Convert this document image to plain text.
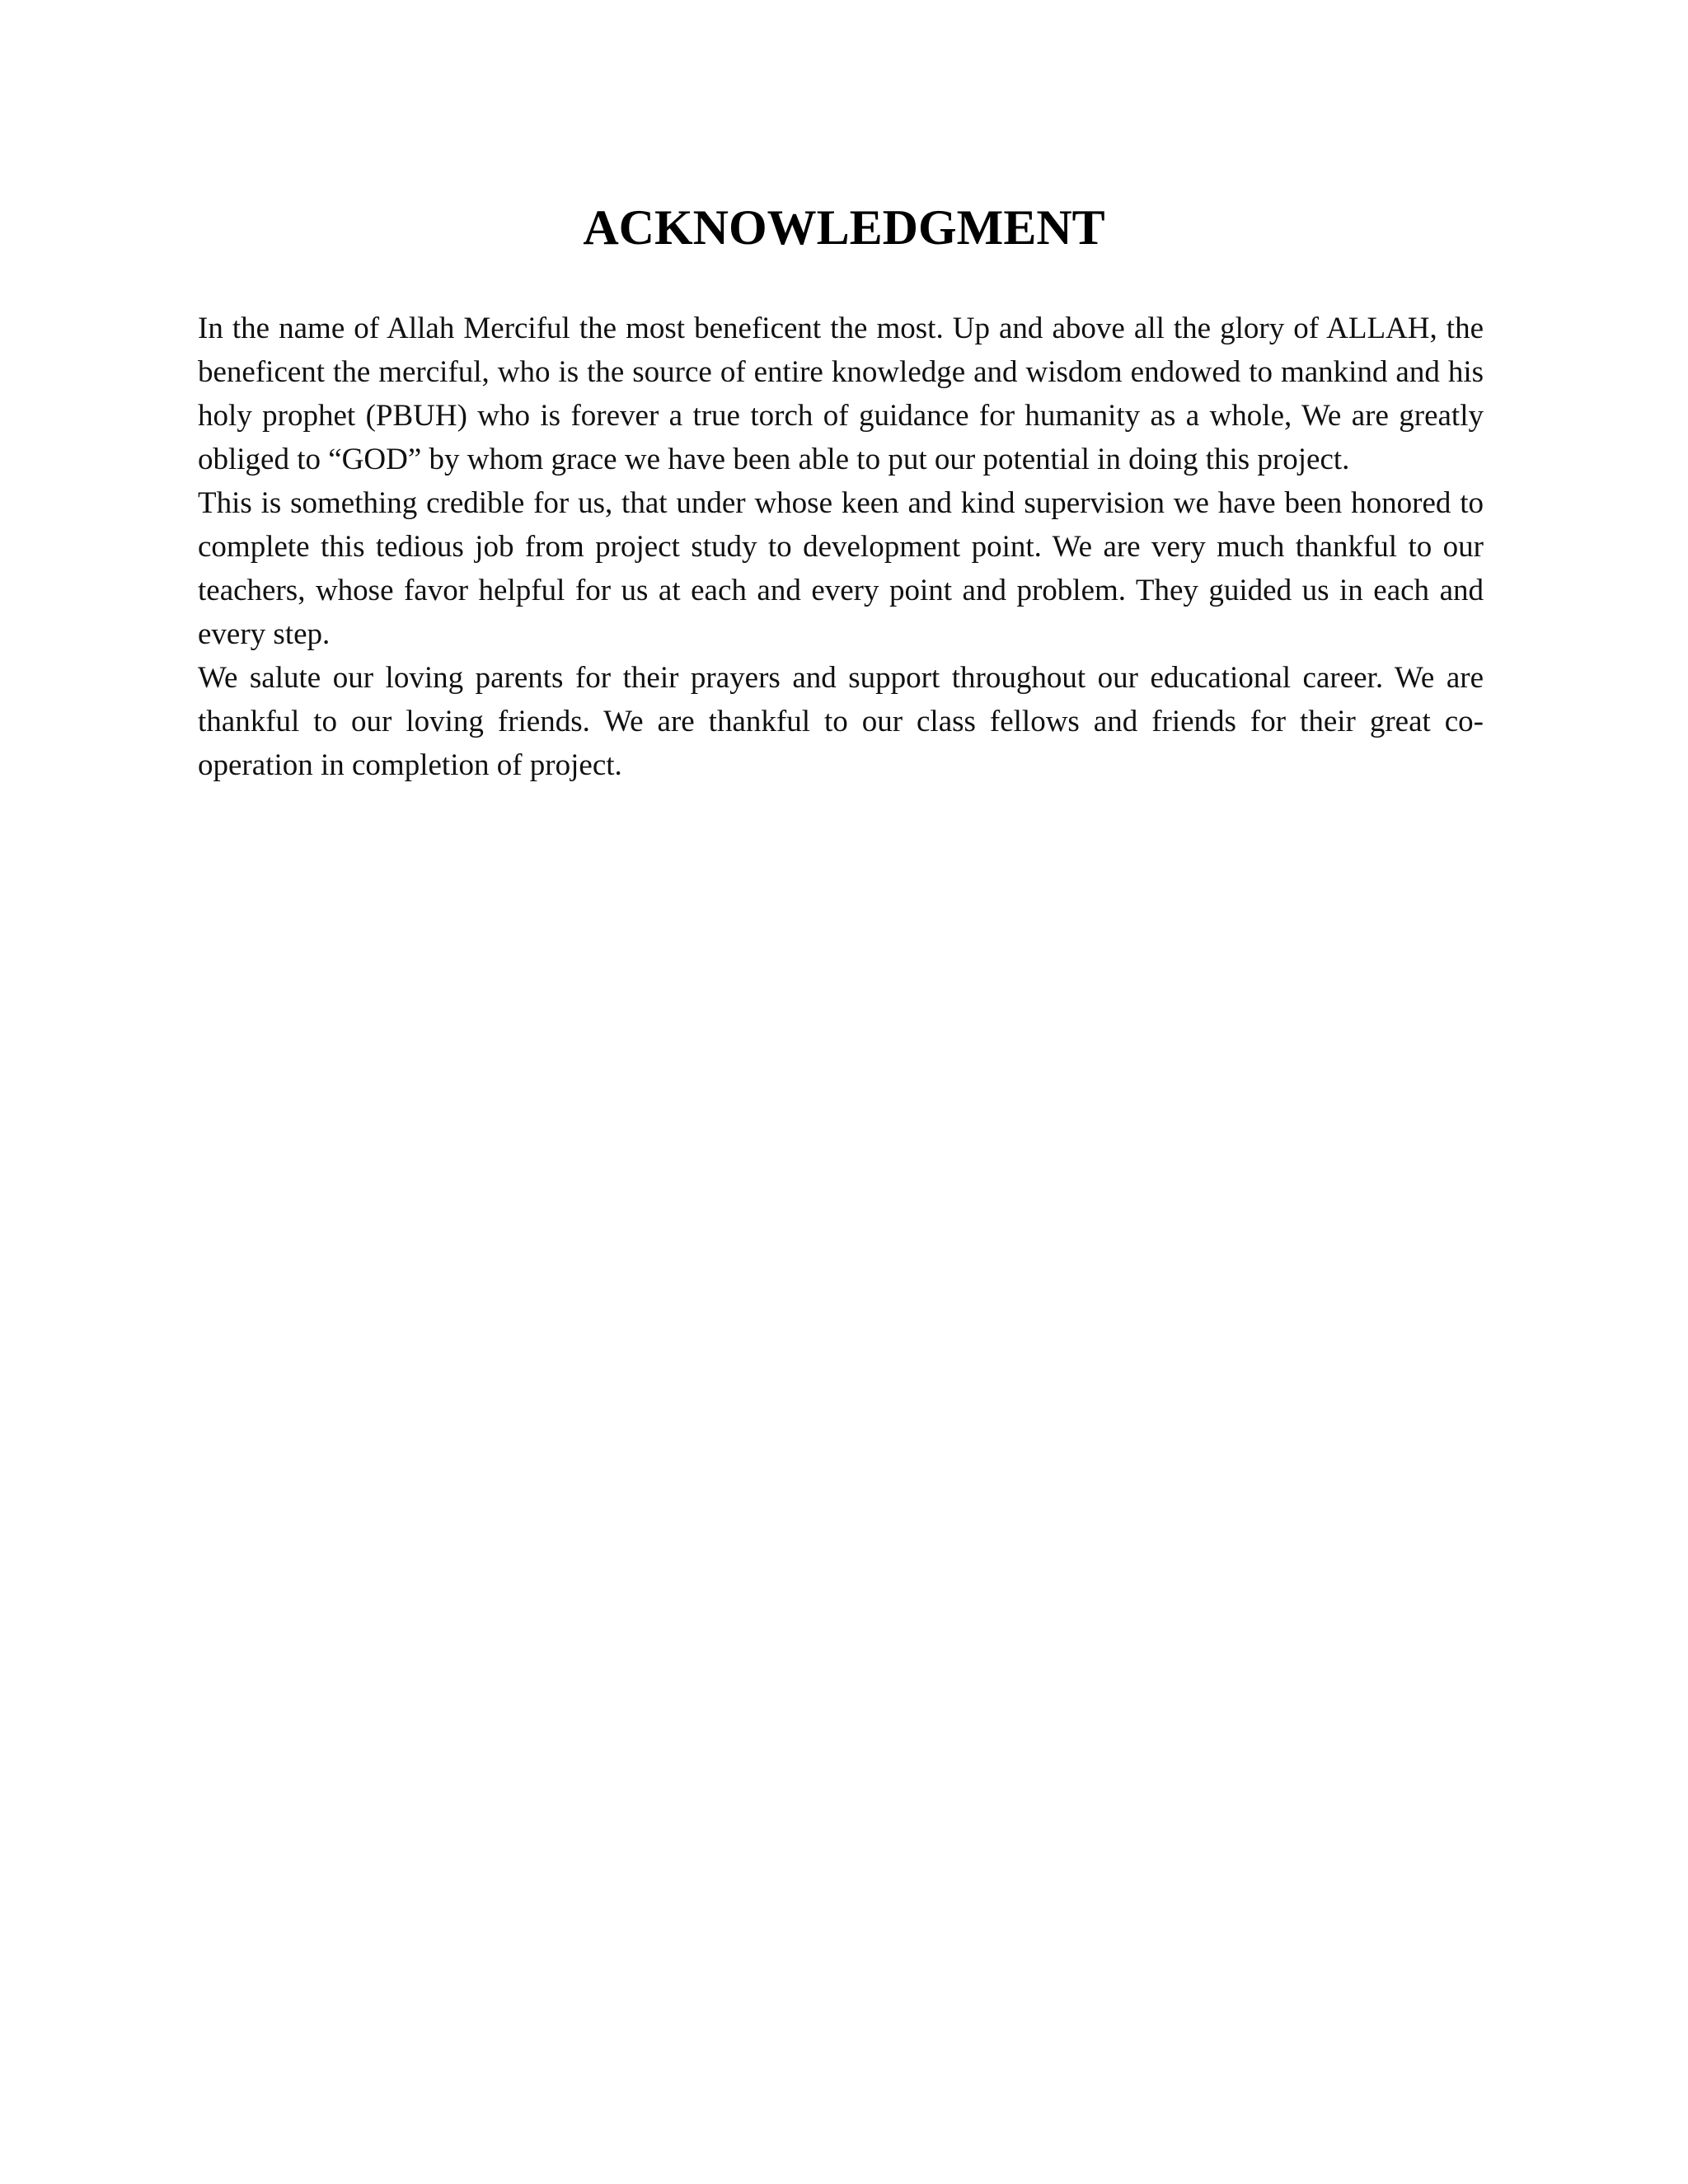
ACKNOWLEDGMENT

In the name of Allah Merciful the most beneficent the most. Up and above all the glory of ALLAH, the beneficent the merciful, who is the source of entire knowledge and wisdom endowed to mankind and his holy prophet (PBUH) who is forever a true torch of guidance for humanity as a whole, We are greatly obliged to “GOD” by whom grace we have been able to put our potential in doing this project.

This is something credible for us, that under whose keen and kind supervision we have been honored to complete this tedious job from project study to development point. We are very much thankful to our teachers, whose favor helpful for us at each and every point and problem. They guided us in each and every step.

We salute our loving parents for their prayers and support throughout our educational career. We are thankful to our loving friends. We are thankful to our class fellows and friends for their great co-operation in completion of project.
